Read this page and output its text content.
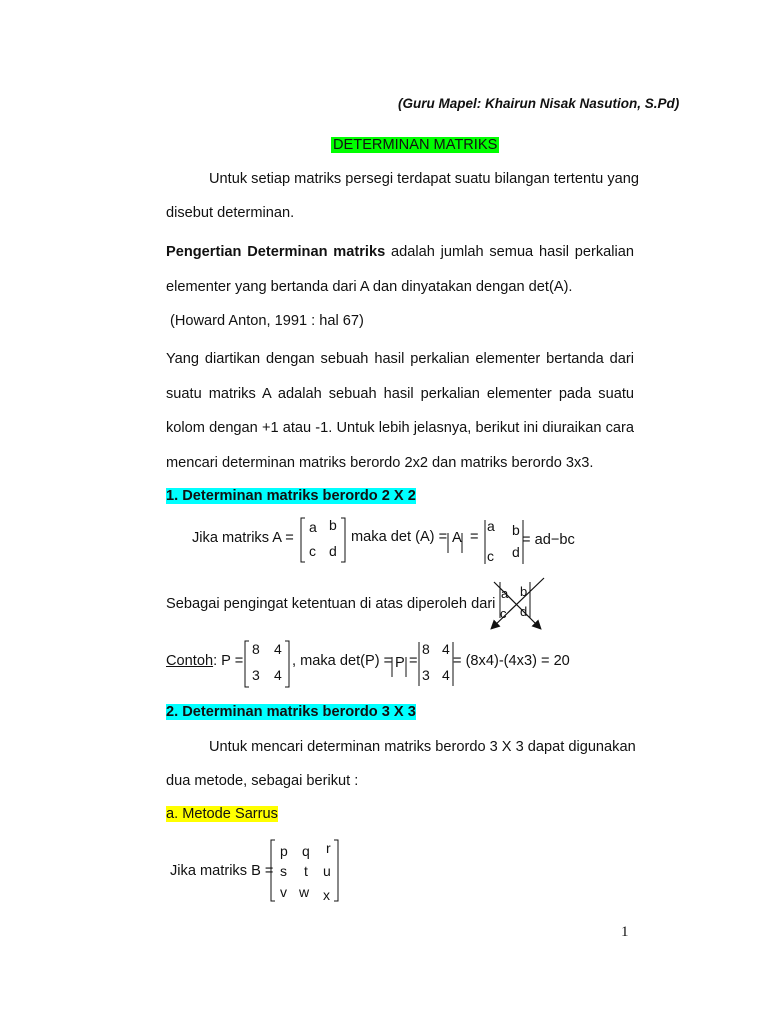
(Guru Mapel: Khairun Nisak Nasution, S.Pd)
DETERMINAN MATRIKS
Untuk setiap matriks persegi terdapat suatu bilangan tertentu yang
disebut determinan.
Pengertian Determinan matriks adalah jumlah semua hasil perkalian
elementer yang bertanda dari A dan dinyatakan dengan det(A).
(Howard Anton, 1991 : hal 67)
Yang diartikan dengan sebuah hasil perkalian elementer bertanda dari
suatu matriks A adalah sebuah hasil perkalian elementer pada suatu
kolom dengan +1 atau -1. Untuk lebih jelasnya, berikut ini diuraikan cara
mencari determinan matriks berordo 2x2 dan matriks berordo 3x3.
1. Determinan matriks berordo 2 X 2
Jika matriks A =
a b
c d
maka det (A) = A =
a b
c d
= ad−bc
Sebagai pengingat ketentuan di atas diperoleh dari
a b
c d
Contoh: P =
8 4
3 4
, maka det(P) = P =
8 4
3 4
= (8x4)-(4x3) = 20
2. Determinan matriks berordo 3 X 3
Untuk mencari determinan matriks berordo 3 X 3 dapat digunakan
dua metode, sebagai berikut :
a. Metode Sarrus
Jika matriks B =
p q r
s t u
v w x
1
